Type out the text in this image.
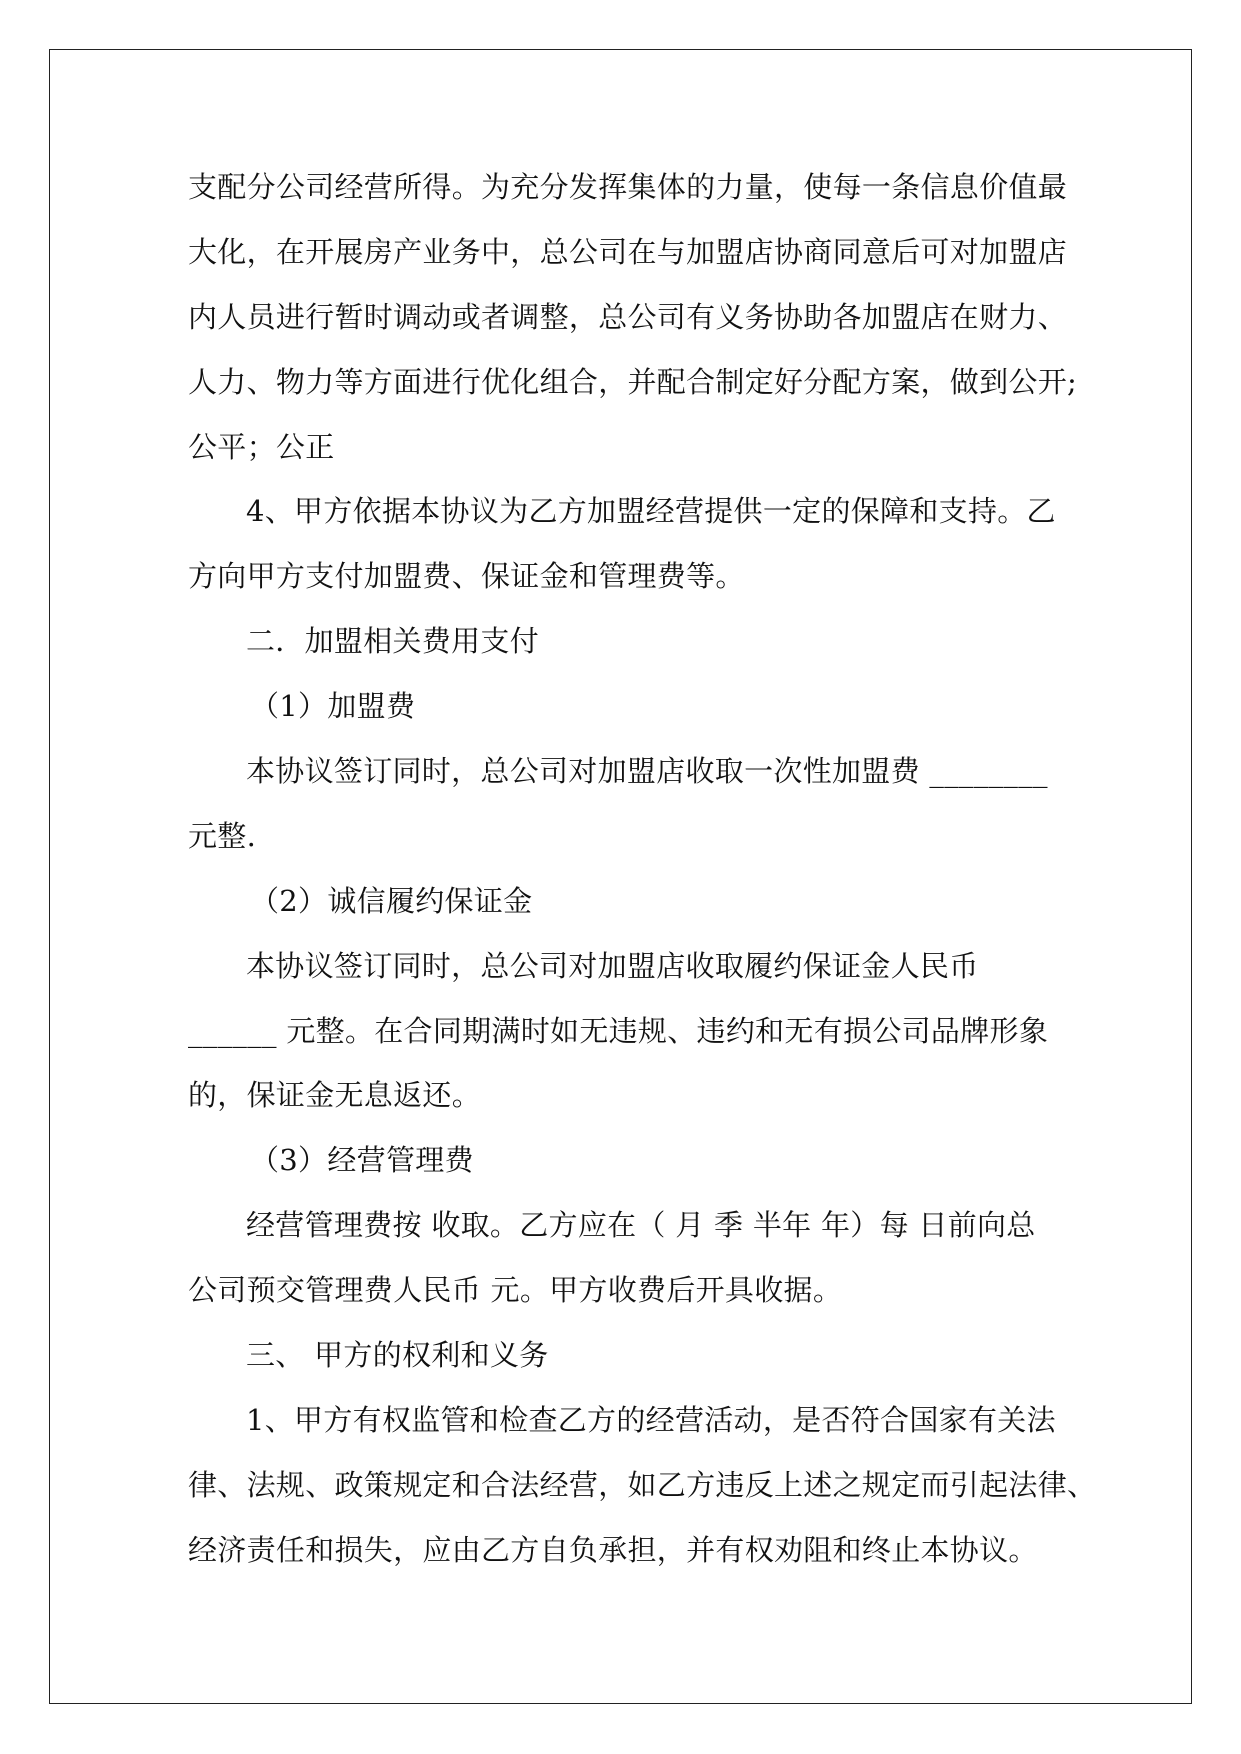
支配分公司经营所得。为充分发挥集体的力量，使每一条信息价值最
大化，在开展房产业务中，总公司在与加盟店协商同意后可对加盟店
内人员进行暂时调动或者调整，总公司有义务协助各加盟店在财力、
人力、物力等方面进行优化组合，并配合制定好分配方案，做到公开;
公平；公正
4、甲方依据本协议为乙方加盟经营提供一定的保障和支持。乙
方向甲方支付加盟费、保证金和管理费等。
二．加盟相关费用支付
（1）加盟费
本协议签订同时，总公司对加盟店收取一次性加盟费 ________
元整.
（2）诚信履约保证金
本协议签订同时，总公司对加盟店收取履约保证金人民币
______ 元整。在合同期满时如无违规、违约和无有损公司品牌形象
的，保证金无息返还。
（3）经营管理费
经营管理费按 收取。乙方应在（ 月 季 半年 年）每 日前向总
公司预交管理费人民币 元。甲方收费后开具收据。
三、 甲方的权利和义务
1、甲方有权监管和检查乙方的经营活动，是否符合国家有关法
律、法规、政策规定和合法经营，如乙方违反上述之规定而引起法律、
经济责任和损失，应由乙方自负承担，并有权劝阻和终止本协议。
